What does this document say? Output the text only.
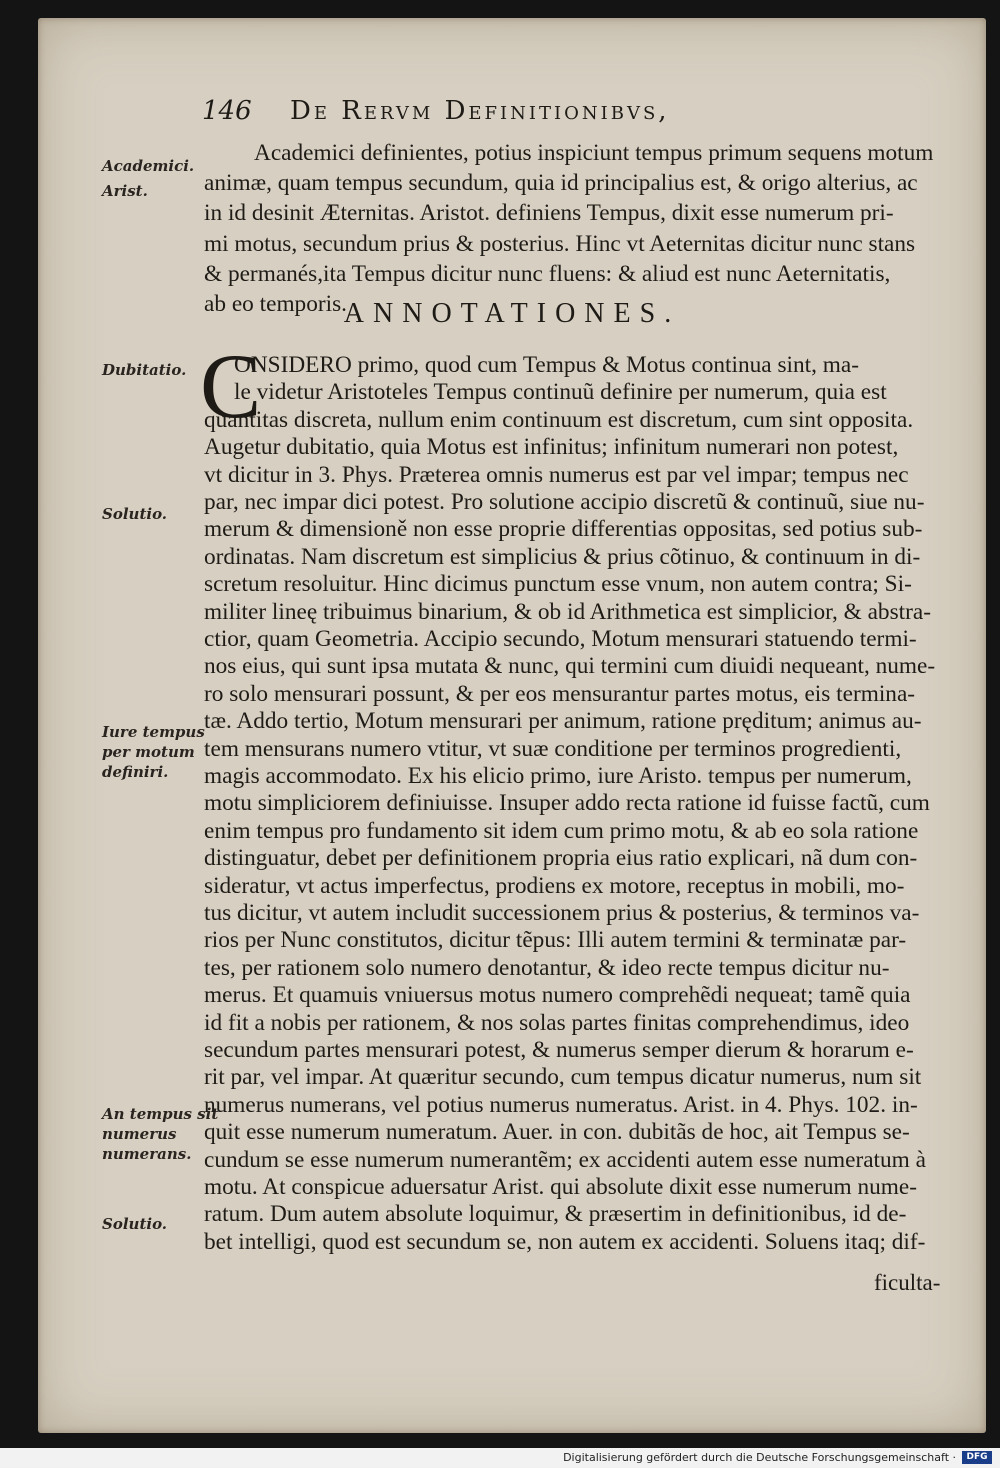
146 De Rervm Definitionibvs,
Academici.
Arist.
Dubitatio.
Solutio.
Iure tempus per motum definiri.
An tempus sit numerus numerans.
Solutio.

Academici definientes, potius inspiciunt tempus primum sequens motum

animæ, quam tempus secundum, quia id principalius est, & origo alterius, ac

in id desinit Æternitas. Aristot. definiens Tempus, dixit esse numerum pri-

mi motus, secundum prius & posterius. Hinc vt Aeternitas dicitur nunc stans

& permanés,ita Tempus dicitur nunc fluens: & aliud est nunc Aeternitatis,

ab eo temporis.

ANNOTATIONES.
C

ONSIDERO primo, quod cum Tempus & Motus continua sint, ma-

le videtur Aristoteles Tempus continuũ definire per numerum, quia est

quantitas discreta, nullum enim continuum est discretum, cum sint opposita.

Augetur dubitatio, quia Motus est infinitus; infinitum numerari non potest,

vt dicitur in 3. Phys. Præterea omnis numerus est par vel impar; tempus nec

par, nec impar dici potest. Pro solutione accipio discretũ & continuũ, siue nu-

merum & dimensioně non esse proprie differentias oppositas, sed potius sub-

ordinatas. Nam discretum est simplicius & prius cõtinuo, & continuum in di-

scretum resoluitur. Hinc dicimus punctum esse vnum, non autem contra; Si-

militer lineę tribuimus binarium, & ob id Arithmetica est simplicior, & abstra-

ctior, quam Geometria. Accipio secundo, Motum mensurari statuendo termi-

nos eius, qui sunt ipsa mutata & nunc, qui termini cum diuidi nequeant, nume-

ro solo mensurari possunt, & per eos mensurantur partes motus, eis termina-

tæ. Addo tertio, Motum mensurari per animum, ratione pręditum; animus au-

tem mensurans numero vtitur, vt suæ conditione per terminos progredienti,

magis accommodato. Ex his elicio primo, iure Aristo. tempus per numerum,

motu simpliciorem definiuisse. Insuper addo recta ratione id fuisse factũ, cum

enim tempus pro fundamento sit idem cum primo motu, & ab eo sola ratione

distinguatur, debet per definitionem propria eius ratio explicari, nã dum con-

sideratur, vt actus imperfectus, prodiens ex motore, receptus in mobili, mo-

tus dicitur, vt autem includit successionem prius & posterius, & terminos va-

rios per Nunc constitutos, dicitur tẽpus: Illi autem termini & terminatæ par-

tes, per rationem solo numero denotantur, & ideo recte tempus dicitur nu-

merus. Et quamuis vniuersus motus numero comprehẽdi nequeat; tamẽ quia

id fit a nobis per rationem, & nos solas partes finitas comprehendimus, ideo

secundum partes mensurari potest, & numerus semper dierum & horarum e-

rit par, vel impar. At quæritur secundo, cum tempus dicatur numerus, num sit

numerus numerans, vel potius numerus numeratus. Arist. in 4. Phys. 102. in-

quit esse numerum numeratum. Auer. in con. dubitãs de hoc, ait Tempus se-

cundum se esse numerum numerantẽm; ex accidenti autem esse numeratum à

motu. At conspicue aduersatur Arist. qui absolute dixit esse numerum nume-

ratum. Dum autem absolute loquimur, & præsertim in definitionibus, id de-

bet intelligi, quod est secundum se, non autem ex accidenti. Soluens itaq; dif-

ficulta-
Digitalisierung gefördert durch die Deutsche Forschungsgemeinschaft ·	DFG
